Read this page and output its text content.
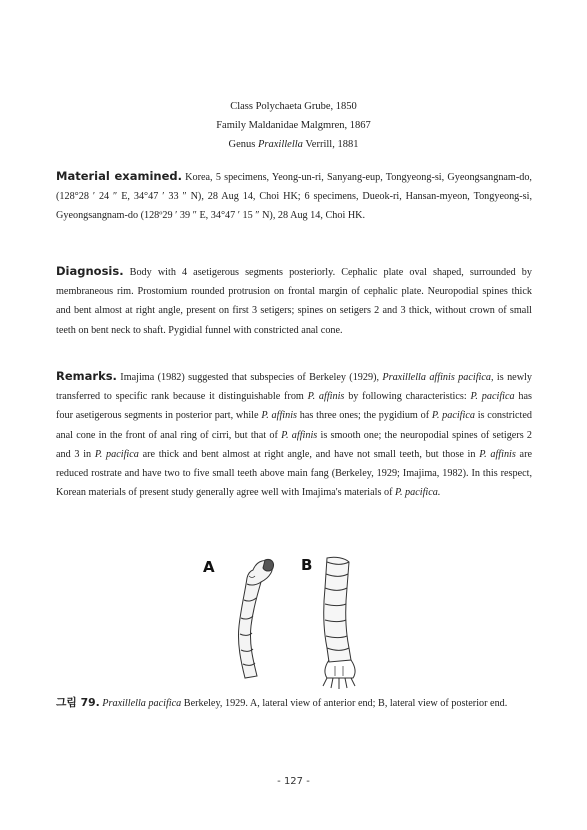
Class Polychaeta Grube, 1850
Family Maldanidae Malgmren, 1867
Genus Praxillella Verrill, 1881
Material examined. Korea, 5 specimens, Yeong-un-ri, Sanyang-eup, Tongyeong-si, Gyeongsangnam-do, (128°28 ′ 24 ″ E, 34°47 ′ 33 ″ N), 28 Aug 14, Choi HK; 6 specimens, Dueok-ri, Hansan-myeon, Tongyeong-si, Gyeongsangnam-do (128º29 ′ 39 ″ E, 34°47 ′ 15 ″ N), 28 Aug 14, Choi HK.
Diagnosis. Body with 4 asetigerous segments posteriorly. Cephalic plate oval shaped, surrounded by membraneous rim. Prostomium rounded protrusion on frontal margin of cephalic plate. Neuropodial spines thick and bent almost at right angle, present on first 3 setigers; spines on setigers 2 and 3 thick, without crown of small teeth on bent neck to shaft. Pygidial funnel with constricted anal cone.
Remarks. Imajima (1982) suggested that subspecies of Berkeley (1929), Praxillella affinis pacifica, is newly transferred to specific rank because it distinguishable from P. affinis by following characteristics: P. pacifica has four asetigerous segments in posterior part, while P. affinis has three ones; the pygidium of P. pacifica is constricted anal cone in the front of anal ring of cirri, but that of P. affinis is smooth one; the neuropodial spines of setigers 2 and 3 in P. pacifica are thick and bent almost at right angle, and have not small teeth, but those in P. affinis are reduced rostrate and have two to five small teeth above main fang (Berkeley, 1929; Imajima, 1982). In this respect, Korean materials of present study generally agree well with Imajima's materials of P. pacifica.
A	B
그림 79. Praxillella pacifica Berkeley, 1929. A, lateral view of anterior end; B, lateral view of posterior end.
- 127 -
